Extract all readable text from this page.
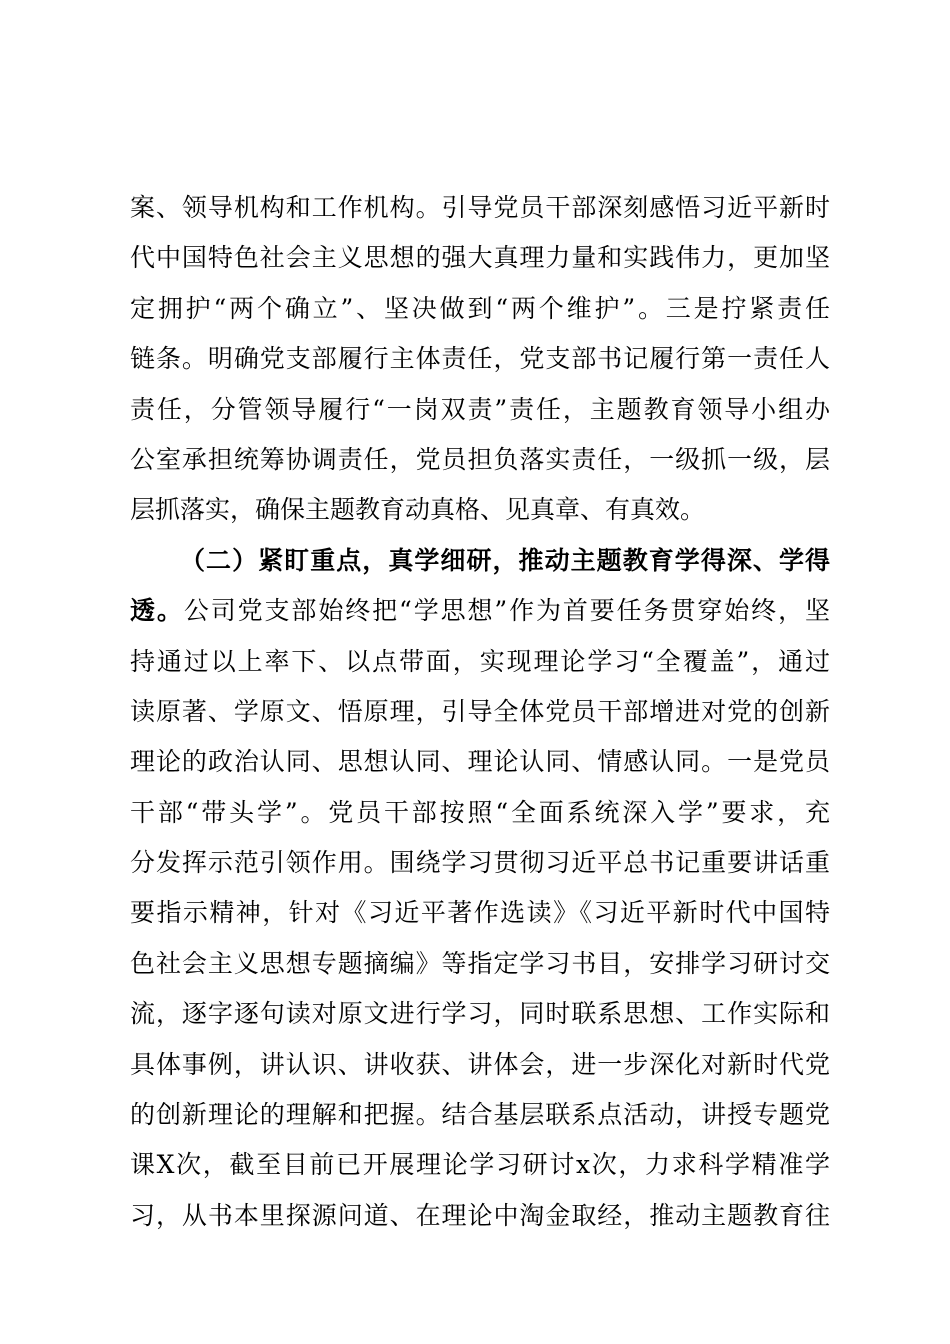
案、领导机构和工作机构。引导党员干部深刻感悟习近平新时
代中国特色社会主义思想的强大真理力量和实践伟力，更加坚
定拥护“两个确立”、坚决做到“两个维护”。三是拧紧责任
链条。明确党支部履行主体责任，党支部书记履行第一责任人
责任，分管领导履行“一岗双责”责任，主题教育领导小组办
公室承担统筹协调责任，党员担负落实责任，一级抓一级，层
层抓落实，确保主题教育动真格、见真章、有真效。
（二）紧盯重点，真学细研，推动主题教育学得深、学得
透。公司党支部始终把“学思想”作为首要任务贯穿始终，坚
持通过以上率下、以点带面，实现理论学习“全覆盖”，通过
读原著、学原文、悟原理，引导全体党员干部增进对党的创新
理论的政治认同、思想认同、理论认同、情感认同。一是党员
干部“带头学”。党员干部按照“全面系统深入学”要求，充
分发挥示范引领作用。围绕学习贯彻习近平总书记重要讲话重
要指示精神，针对《习近平著作选读》《习近平新时代中国特
色社会主义思想专题摘编》等指定学习书目，安排学习研讨交
流，逐字逐句读对原文进行学习，同时联系思想、工作实际和
具体事例，讲认识、讲收获、讲体会，进一步深化对新时代党
的创新理论的理解和把握。结合基层联系点活动，讲授专题党
课X次，截至目前已开展理论学习研讨x次，力求科学精准学
习，从书本里探源问道、在理论中淘金取经，推动主题教育往
